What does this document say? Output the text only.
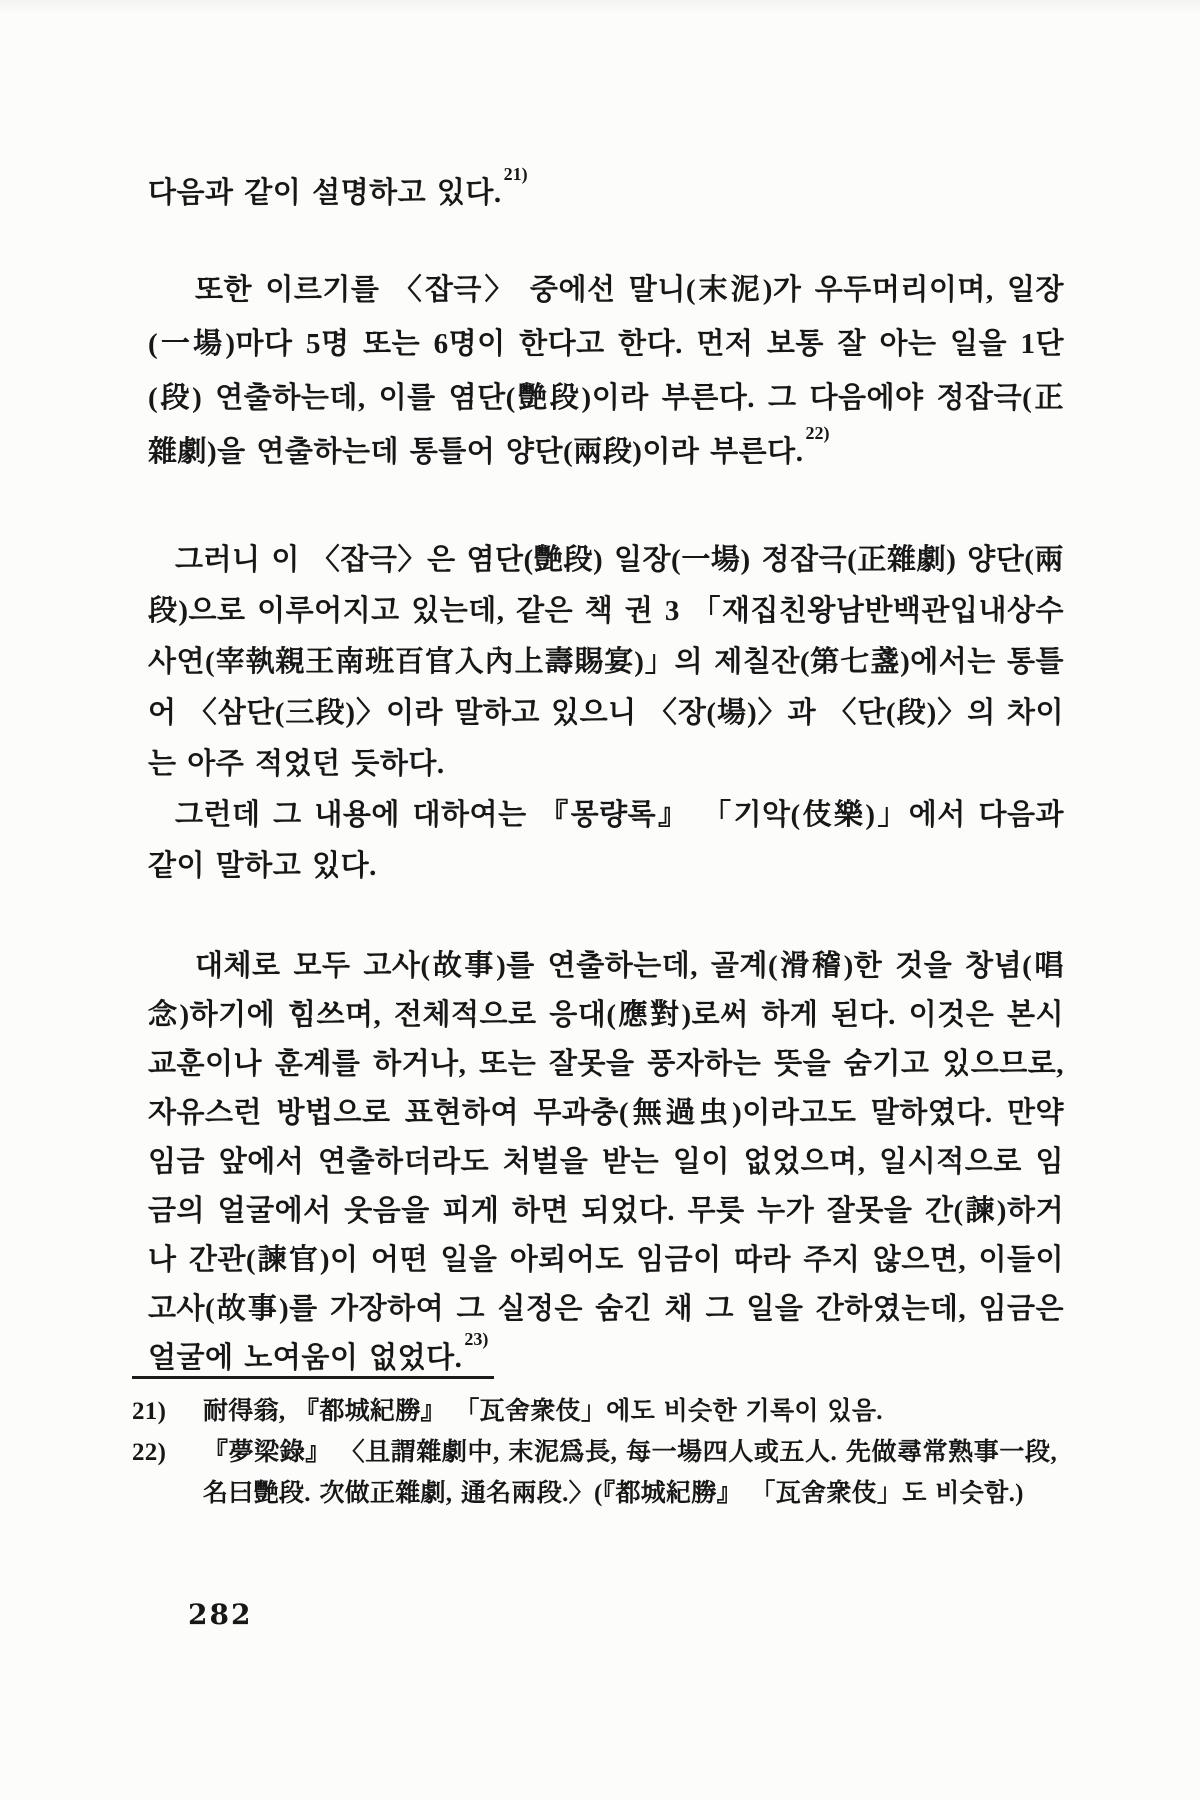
다음과 같이 설명하고 있다.$^{21)}$

또한 이르기를 〈잡극〉 중에선 말니(末泥)가 우두머리이며, 일장(一場)마다 5명 또는 6명이 한다고 한다. 먼저 보통 잘 아는 일을 1단(段) 연출하는데, 이를 염단(艷段)이라 부른다. 그 다음에야 정잡극(正雜劇)을 연출하는데 통틀어 양단(兩段)이라 부른다.$^{22)}$

그러니 이 〈잡극〉은 염단(艷段) 일장(一場) 정잡극(正雜劇) 양단(兩段)으로 이루어지고 있는데, 같은 책 권 3 「재집친왕남반백관입내상수사연(宰執親王南班百官入內上壽賜宴)」의 제칠잔(第七盞)에서는 통틀어 〈삼단(三段)〉이라 말하고 있으니 〈장(場)〉과 〈단(段)〉의 차이는 아주 적었던 듯하다.

그런데 그 내용에 대하여는 『몽량록』 「기악(伎樂)」에서 다음과 같이 말하고 있다.

대체로 모두 고사(故事)를 연출하는데, 골계(滑稽)한 것을 창념(唱念)하기에 힘쓰며, 전체적으로 응대(應對)로써 하게 된다. 이것은 본시 교훈이나 훈계를 하거나, 또는 잘못을 풍자하는 뜻을 숨기고 있으므로, 자유스런 방법으로 표현하여 무과충(無過虫)이라고도 말하였다. 만약 임금 앞에서 연출하더라도 처벌을 받는 일이 없었으며, 일시적으로 임금의 얼굴에서 웃음을 피게 하면 되었다. 무릇 누가 잘못을 간(諫)하거나 간관(諫官)이 어떤 일을 아뢰어도 임금이 따라 주지 않으면, 이들이 고사(故事)를 가장하여 그 실정은 숨긴 채 그 일을 간하였는데, 임금은 얼굴에 노여움이 없었다.$^{23)}$
21)	耐得翁, 『都城紀勝』 「瓦舍衆伎」에도 비슷한 기록이 있음.
22)	『夢梁錄』 〈且謂雜劇中, 末泥爲長, 每一場四人或五人. 先做尋常熟事一段, 名曰艷段. 次做正雜劇, 通名兩段.〉(『都城紀勝』 「瓦舍衆伎」도 비슷함.)
282
